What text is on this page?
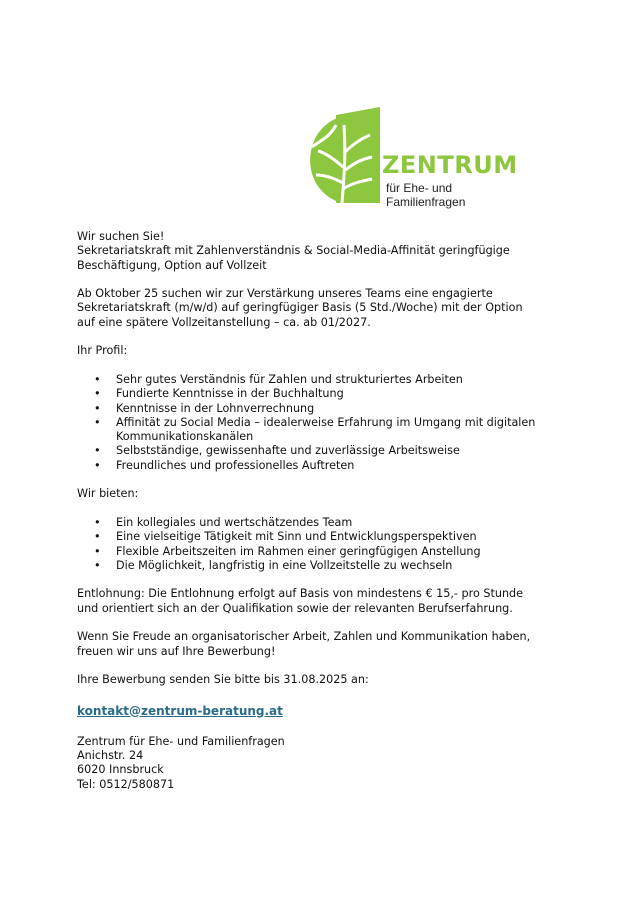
ZENTRUM
für Ehe- und
Familienfragen

Wir suchen Sie!

Sekretariatskraft mit Zahlenverständnis & Social-Media-Affinität geringfügige

Beschäftigung, Option auf Vollzeit

Ab Oktober 25 suchen wir zur Verstärkung unseres Teams eine engagierte

Sekretariatskraft (m/w/d) auf geringfügiger Basis (5 Std./Woche) mit der Option

auf eine spätere Vollzeitanstellung – ca. ab 01/2027.

Ihr Profil:

•	Sehr gutes Verständnis für Zahlen und strukturiertes Arbeiten
•	Fundierte Kenntnisse in der Buchhaltung
•	Kenntnisse in der Lohnverrechnung
•	Affinität zu Social Media – idealerweise Erfahrung im Umgang mit digitalen
Kommunikationskanälen
•	Selbstständige, gewissenhafte und zuverlässige Arbeitsweise
•	Freundliches und professionelles Auftreten

Wir bieten:

•	Ein kollegiales und wertschätzendes Team
•	Eine vielseitige Tätigkeit mit Sinn und Entwicklungsperspektiven
•	Flexible Arbeitszeiten im Rahmen einer geringfügigen Anstellung
•	Die Möglichkeit, langfristig in eine Vollzeitstelle zu wechseln

Entlohnung: Die Entlohnung erfolgt auf Basis von mindestens € 15,- pro Stunde

und orientiert sich an der Qualifikation sowie der relevanten Berufserfahrung.

Wenn Sie Freude an organisatorischer Arbeit, Zahlen und Kommunikation haben,

freuen wir uns auf Ihre Bewerbung!

Ihre Bewerbung senden Sie bitte bis 31.08.2025 an:

kontakt@zentrum-beratung.at

Zentrum für Ehe- und Familienfragen

Anichstr. 24

6020 Innsbruck

Tel: 0512/580871
